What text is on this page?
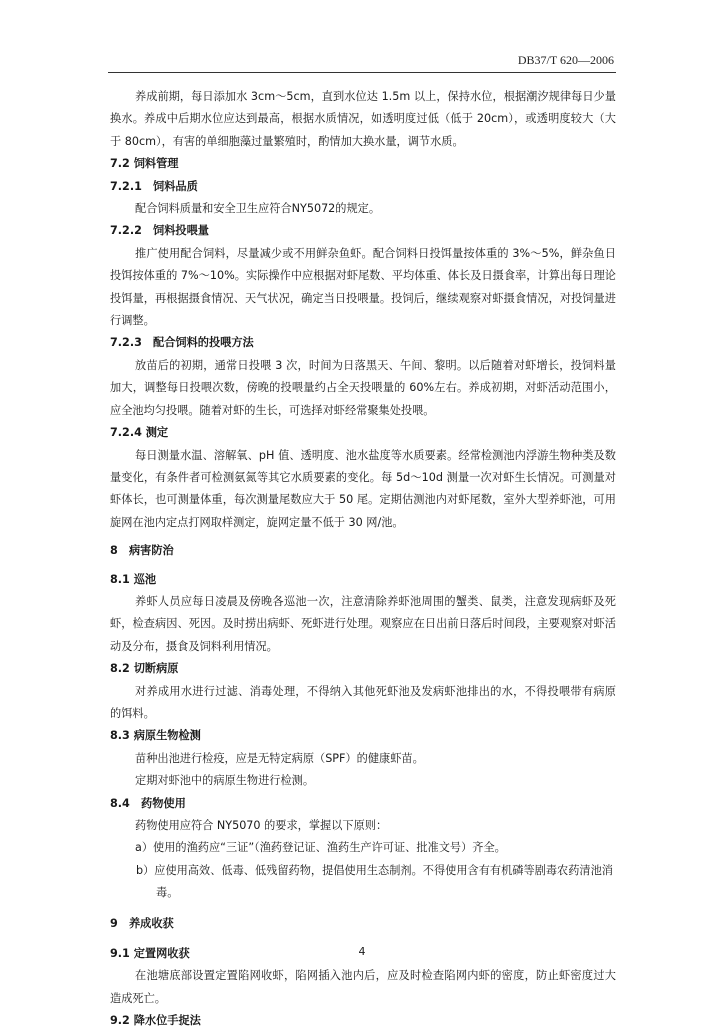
DB37/T 620—2006

养成前期，每日添加水 3cm～5cm，直到水位达 1.5m 以上，保持水位，根据潮汐规律每日少量换水。养成中后期水位应达到最高，根据水质情况，如透明度过低（低于 20cm），或透明度较大（大于 80cm），有害的单细胞藻过量繁殖时，酌情加大换水量，调节水质。

7.2 饲料管理

7.2.1　饲料品质

配合饲料质量和安全卫生应符合NY5072的规定。

7.2.2　饲料投喂量

推广使用配合饲料，尽量减少或不用鲜杂鱼虾。配合饲料日投饵量按体重的 3%～5%，鲜杂鱼日投饵按体重的 7%～10%。实际操作中应根据对虾尾数、平均体重、体长及日摄食率，计算出每日理论投饵量，再根据摄食情况、天气状况，确定当日投喂量。投饲后，继续观察对虾摄食情况，对投饲量进行调整。

7.2.3　配合饲料的投喂方法

放苗后的初期，通常日投喂 3 次，时间为日落黑天、午间、黎明。以后随着对虾增长，投饲料量加大，调整每日投喂次数，傍晚的投喂量约占全天投喂量的 60%左右。养成初期，对虾活动范围小，应全池均匀投喂。随着对虾的生长，可选择对虾经常聚集处投喂。

7.2.4 测定

每日测量水温、溶解氧、pH 值、透明度、池水盐度等水质要素。经常检测池内浮游生物种类及数量变化，有条件者可检测氨氮等其它水质要素的变化。每 5d～10d 测量一次对虾生长情况。可测量对虾体长，也可测量体重，每次测量尾数应大于 50 尾。定期估测池内对虾尾数，室外大型养虾池，可用旋网在池内定点打网取样测定，旋网定量不低于 30 网/池。

8　病害防治

8.1 巡池

养虾人员应每日凌晨及傍晚各巡池一次，注意清除养虾池周围的蟹类、鼠类，注意发现病虾及死虾，检查病因、死因。及时捞出病虾、死虾进行处理。观察应在日出前日落后时间段，主要观察对虾活动及分布，摄食及饲料利用情况。

8.2 切断病原

对养成用水进行过滤、消毒处理，不得纳入其他死虾池及发病虾池排出的水，不得投喂带有病原的饵料。

8.3 病原生物检测

苗种出池进行检疫，应是无特定病原（SPF）的健康虾苗。

定期对虾池中的病原生物进行检测。

8.4　药物使用

药物使用应符合 NY5070 的要求，掌握以下原则：

a）使用的渔药应“三证”（渔药登记证、渔药生产许可证、批准文号）齐全。

b）应使用高效、低毒、低残留药物，提倡使用生态制剂。不得使用含有有机磷等剧毒农药清池消毒。

9　养成收获

9.1 定置网收获

在池塘底部设置定置陷网收虾，陷网插入池内后，应及时检查陷网内虾的密度，防止虾密度过大造成死亡。

9.2 降水位手捉法

4
